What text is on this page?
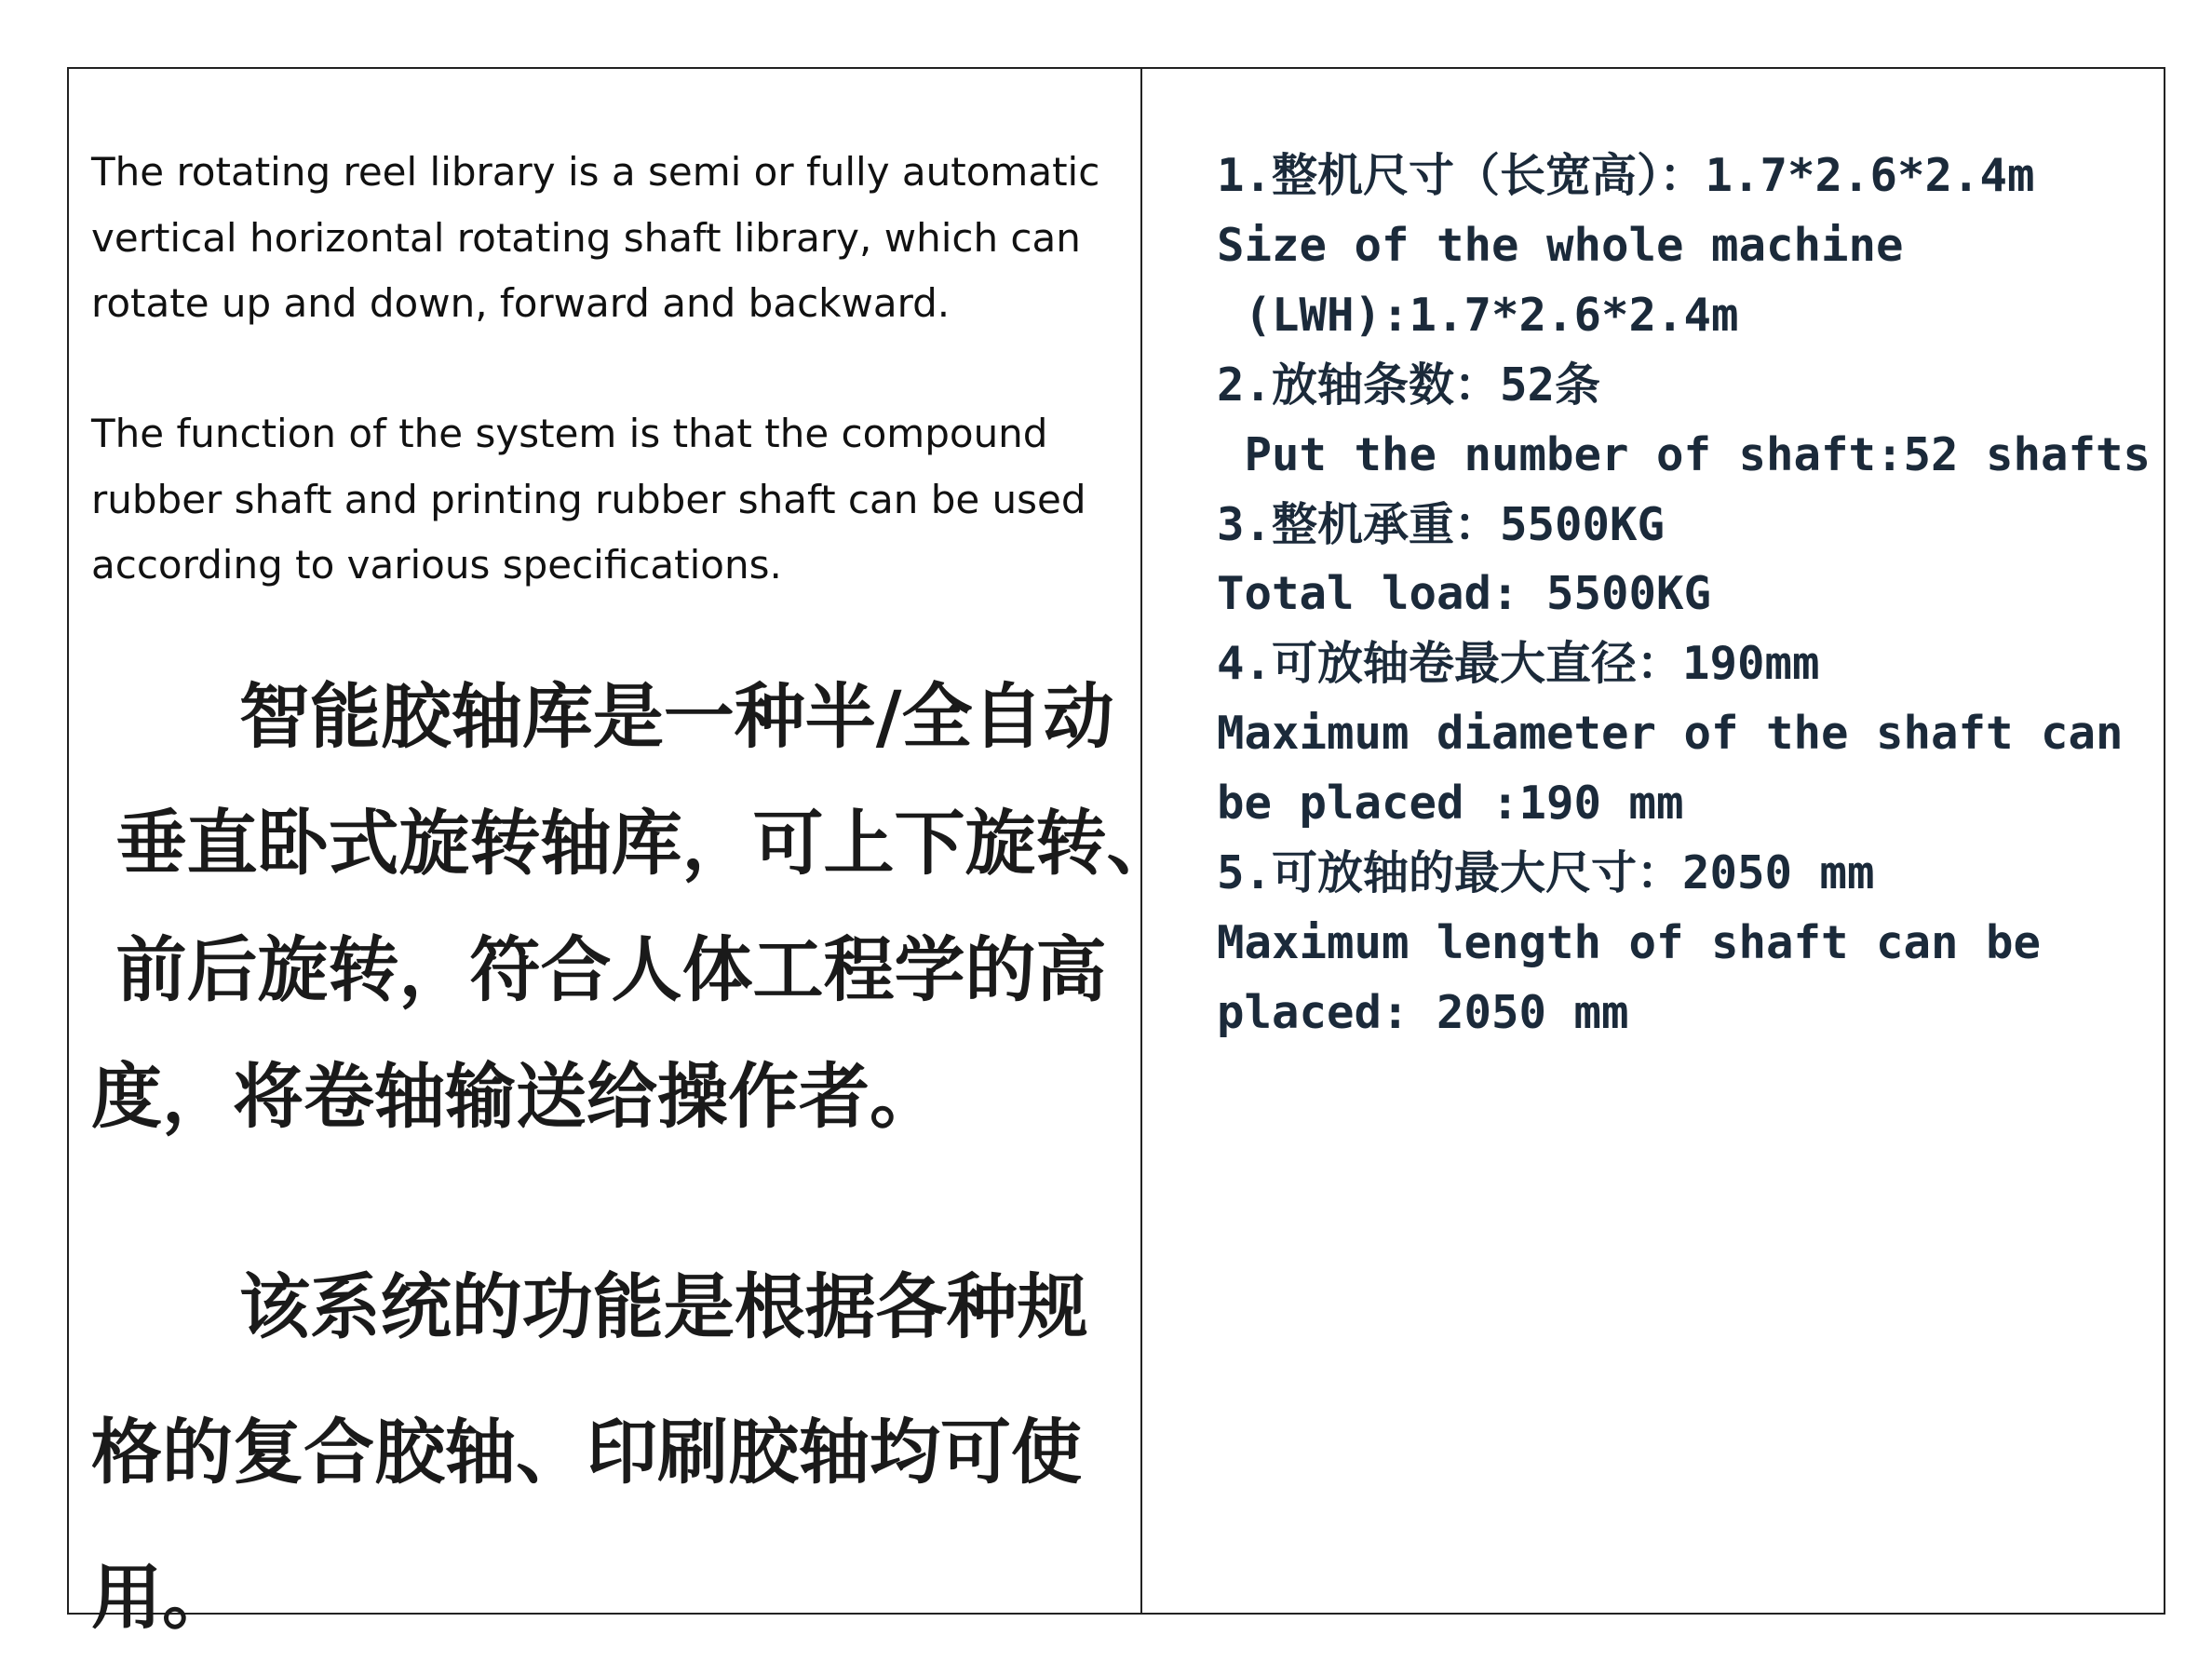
The rotating reel library is a semi or fully automatic
vertical horizontal rotating shaft library, which can
rotate up and down, forward and backward.

The function of the system is that the compound
rubber shaft and printing rubber shaft can be used
according to various specifications.

智能胶轴库是一种半/全自动
垂直卧式旋转轴库，可上下旋转、
前后旋转，符合人体工程学的高
度，将卷轴输送给操作者。

该系统的功能是根据各种规
格的复合胶轴、印刷胶轴均可使
用。

1.整机尺寸（长宽高）：1.7*2.6*2.4m
Size of the whole machine
(LWH):1.7*2.6*2.4m
2.放轴条数：52条
Put the number of shaft:52 shafts
3.整机承重：5500KG
Total load: 5500KG
4.可放轴卷最大直径：190mm
Maximum diameter of the shaft can
be placed :190 mm
5.可放轴的最大尺寸：2050 mm
Maximum length of shaft can be
placed: 2050 mm
